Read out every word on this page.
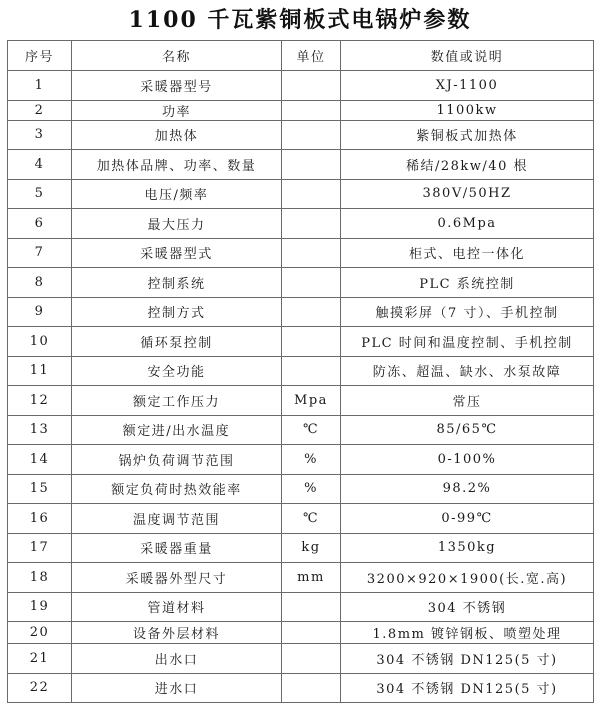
1100 千瓦紫铜板式电锅炉参数
序号	名称	单位	数值或说明
1	采暖器型号		XJ-1100
2	功率		1100kw
3	加热体		紫铜板式加热体
4	加热体品牌、功率、数量		稀结/28kw/40 根
5	电压/频率		380V/50HZ
6	最大压力		0.6Mpa
7	采暖器型式		柜式、电控一体化
8	控制系统		PLC 系统控制
9	控制方式		触摸彩屏（7 寸）、手机控制
10	循环泵控制		PLC 时间和温度控制、手机控制
11	安全功能		防冻、超温、缺水、水泵故障
12	额定工作压力	Mpa	常压
13	额定进/出水温度	℃	85/65℃
14	锅炉负荷调节范围	%	0-100%
15	额定负荷时热效能率	%	98.2%
16	温度调节范围	℃	0-99℃
17	采暖器重量	kg	1350kg
18	采暖器外型尺寸	mm	3200×920×1900(长.宽.高)
19	管道材料		304 不锈钢
20	设备外层材料		1.8mm 镀锌钢板、喷塑处理
21	出水口		304 不锈钢 DN125(5 寸)
22	进水口		304 不锈钢 DN125(5 寸)
